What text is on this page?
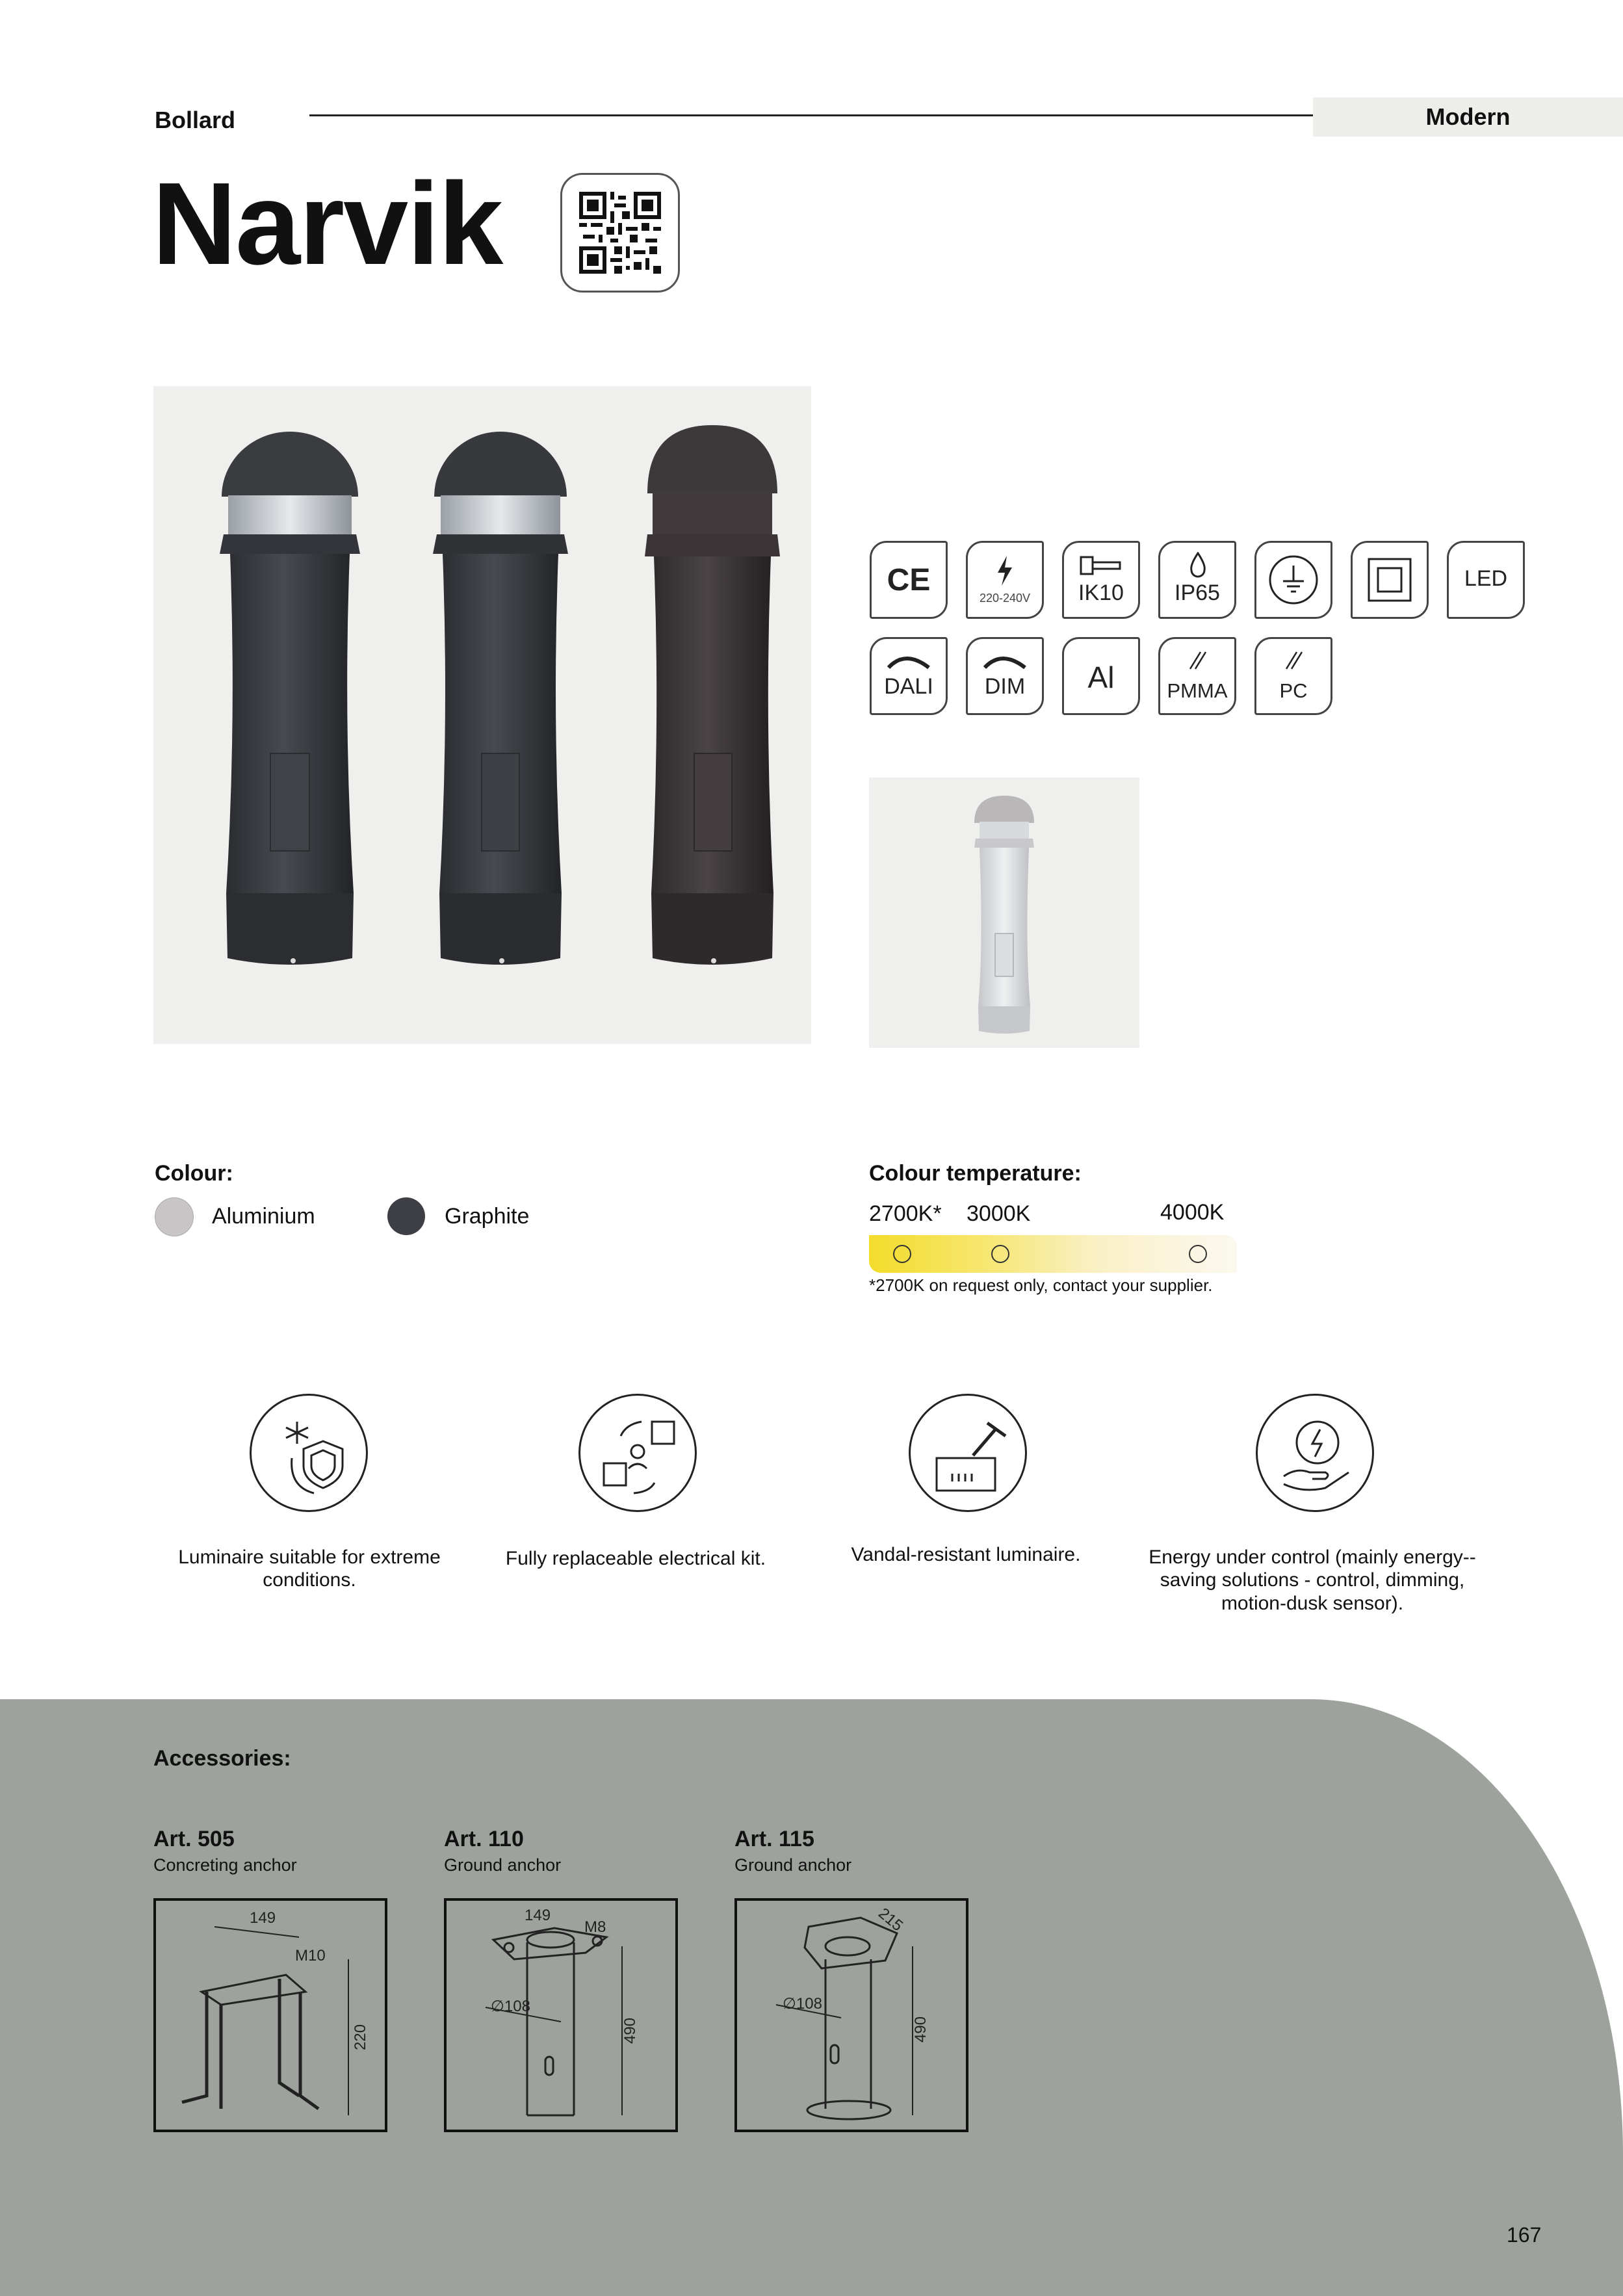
Bollard	Modern
Narvik
CE
220-240V	IK10	IP65
LED
DALI	DIM	Al	PMMA	PC
Colour:
Aluminium	Graphite
Colour temperature:
2700K* 3000K	4000K
*2700K on request only, contact your supplier.
Luminaire suitable for extreme conditions.
Fully replaceable electrical kit.	Vandal-resistant luminaire.	Energy under control (mainly energy--saving solutions - control, dimming, motion-dusk sensor).
Accessories:
Art. 505
Concreting anchor
Art. 110
Ground anchor
Art. 115
Ground anchor
149
M10
220
149
M8
∅108
490
215
∅108
490
167
